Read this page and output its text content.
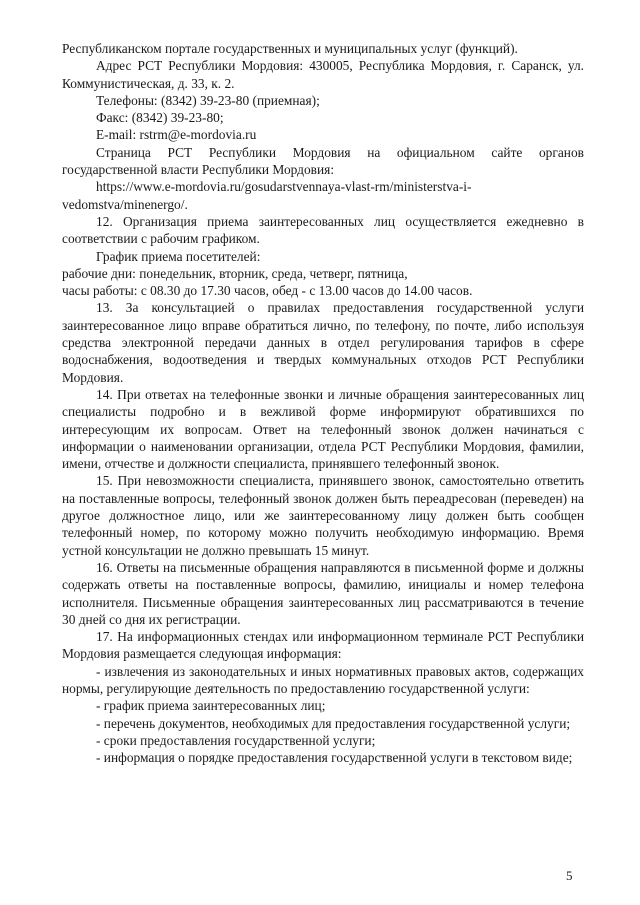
Республиканском портале государственных и муниципальных услуг (функций).

Адрес РСТ Республики Мордовия: 430005, Республика Мордовия, г. Саранск, ул. Коммунистическая, д. 33, к. 2.

Телефоны: (8342) 39-23-80 (приемная);

Факс: (8342) 39-23-80;

E-mail: rstrm@e-mordovia.ru

Страница РСТ Республики Мордовия на официальном сайте органов государственной власти Республики Мордовия:

https://www.e-mordovia.ru/gosudarstvennaya-vlast-rm/ministerstva-i-vedomstva/minenergo/.

12. Организация приема заинтересованных лиц осуществляется ежедневно в соответствии с рабочим графиком.

График приема посетителей:

рабочие дни: понедельник, вторник, среда, четверг, пятница,

часы работы: с 08.30 до 17.30 часов, обед - с 13.00 часов до 14.00 часов.

13. За консультацией о правилах предоставления государственной услуги заинтересованное лицо вправе обратиться лично, по телефону, по почте, либо используя средства электронной передачи данных в отдел регулирования тарифов в сфере водоснабжения, водоотведения и твердых коммунальных отходов РСТ Республики Мордовия.

14. При ответах на телефонные звонки и личные обращения заинтересованных лиц специалисты подробно и в вежливой форме информируют обратившихся по интересующим их вопросам. Ответ на телефонный звонок должен начинаться с информации о наименовании организации, отдела РСТ Республики Мордовия, фамилии, имени, отчестве и должности специалиста, принявшего телефонный звонок.

15. При невозможности специалиста, принявшего звонок, самостоятельно ответить на поставленные вопросы, телефонный звонок должен быть переадресован (переведен) на другое должностное лицо, или же заинтересованному лицу должен быть сообщен телефонный номер, по которому можно получить необходимую информацию. Время устной консультации не должно превышать 15 минут.

16. Ответы на письменные обращения направляются в письменной форме и должны содержать ответы на поставленные вопросы, фамилию, инициалы и номер телефона исполнителя. Письменные обращения заинтересованных лиц рассматриваются в течение 30 дней со дня их регистрации.

17. На информационных стендах или информационном терминале РСТ Республики Мордовия размещается следующая информация:

- извлечения из законодательных и иных нормативных правовых актов, содержащих нормы, регулирующие деятельность по предоставлению государственной услуги:

- график приема заинтересованных лиц;

- перечень документов, необходимых для предоставления государственной услуги;

- сроки предоставления государственной услуги;

- информация о порядке предоставления государственной услуги в текстовом виде;

5
